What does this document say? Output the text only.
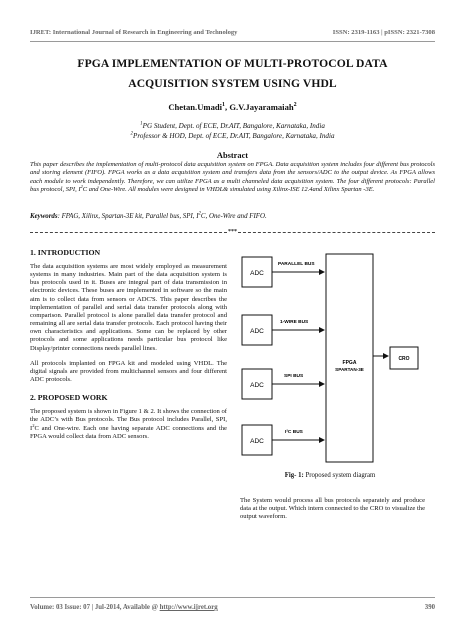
IJRET: International Journal of Research in Engineering and Technology	ISSN: 2319-1163 | pISSN: 2321-7308
FPGA IMPLEMENTATION OF MULTI-PROTOCOL DATA
ACQUISITION SYSTEM USING VHDL
Chetan.Umadi$^1$, G.V.Jayaramaiah$^2$
$^1$PG Student, Dept. of ECE, Dr.AIT, Bangalore, Karnataka, India
$^2$Professor & HOD, Dept. of ECE, Dr.AIT, Bangalore, Karnataka, India
Abstract
This paper describes the implementation of multi-protocol data acquisition system on FPGA. Data acquisition system includes four different bus protocols and storing element (FIFO). FPGA works as a data acquisition system and transfers data from the sensors/ADC to the output device. As FPGA allows each module to work independently. Therefore, we can utilize FPGA as a multi channeled data acquisition system. The four different protocols: Parallel bus protocol, SPI, $I^2C$ and One-Wire. All modules were designed in VHDL& simulated using Xilinx-ISE 12.4and Xilinx Spartan -3E.
Keywords: FPAG, Xilinx, Spartan-3E kit, Parallel bus, SPI, $I^2C$, One-Wire and FIFO.
***
1. INTRODUCTION

The data acquisition systems are most widely employed as measurement systems in many industries. Main part of the data acquisition system is bus protocols used in it. Buses are integral part of data transmission in electronic devices. These buses are implemented in software so the main aim is to collect data from sensors or ADC'S. This paper describes the implementation of parallel and serial data transfer protocols along with comparison. Parallel protocol is alone parallel data transfer protocol and remaining all are serial data transfer protocols. Each protocol having their own characteristics and applications. Some can be replaced by other protocols and some applications needs particular bus protocol like Display/printer connections needs parallel lines.

All protocols implanted on FPGA kit and modeled using VHDL. The digital signals are provided from multichannel sensors and four different ADC protocols.

2. PROPOSED WORK

The proposed system is shown in Figure 1 & 2. It shows the connection of the ADC’s with Bus protocols. The Bus protocol includes Parallel, SPI, $I^2C$ and One-wire. Each one having separate ADC connections and the FPGA would collect data from ADC sensors.

ADC
ADC
ADC
ADC
PARALLEL BUS
1-WIRE BUS
SPI BUS
I²C BUS
FPGA
SPARTAN-3E
CRO
Fig- 1: Proposed system diagram

The System would process all bus protocols separately and produce data at the output. Which intern connected to the CRO to visualize the output waveform.

Volume: 03 Issue: 07 | Jul-2014, Available @ http://www.ijret.org	390
